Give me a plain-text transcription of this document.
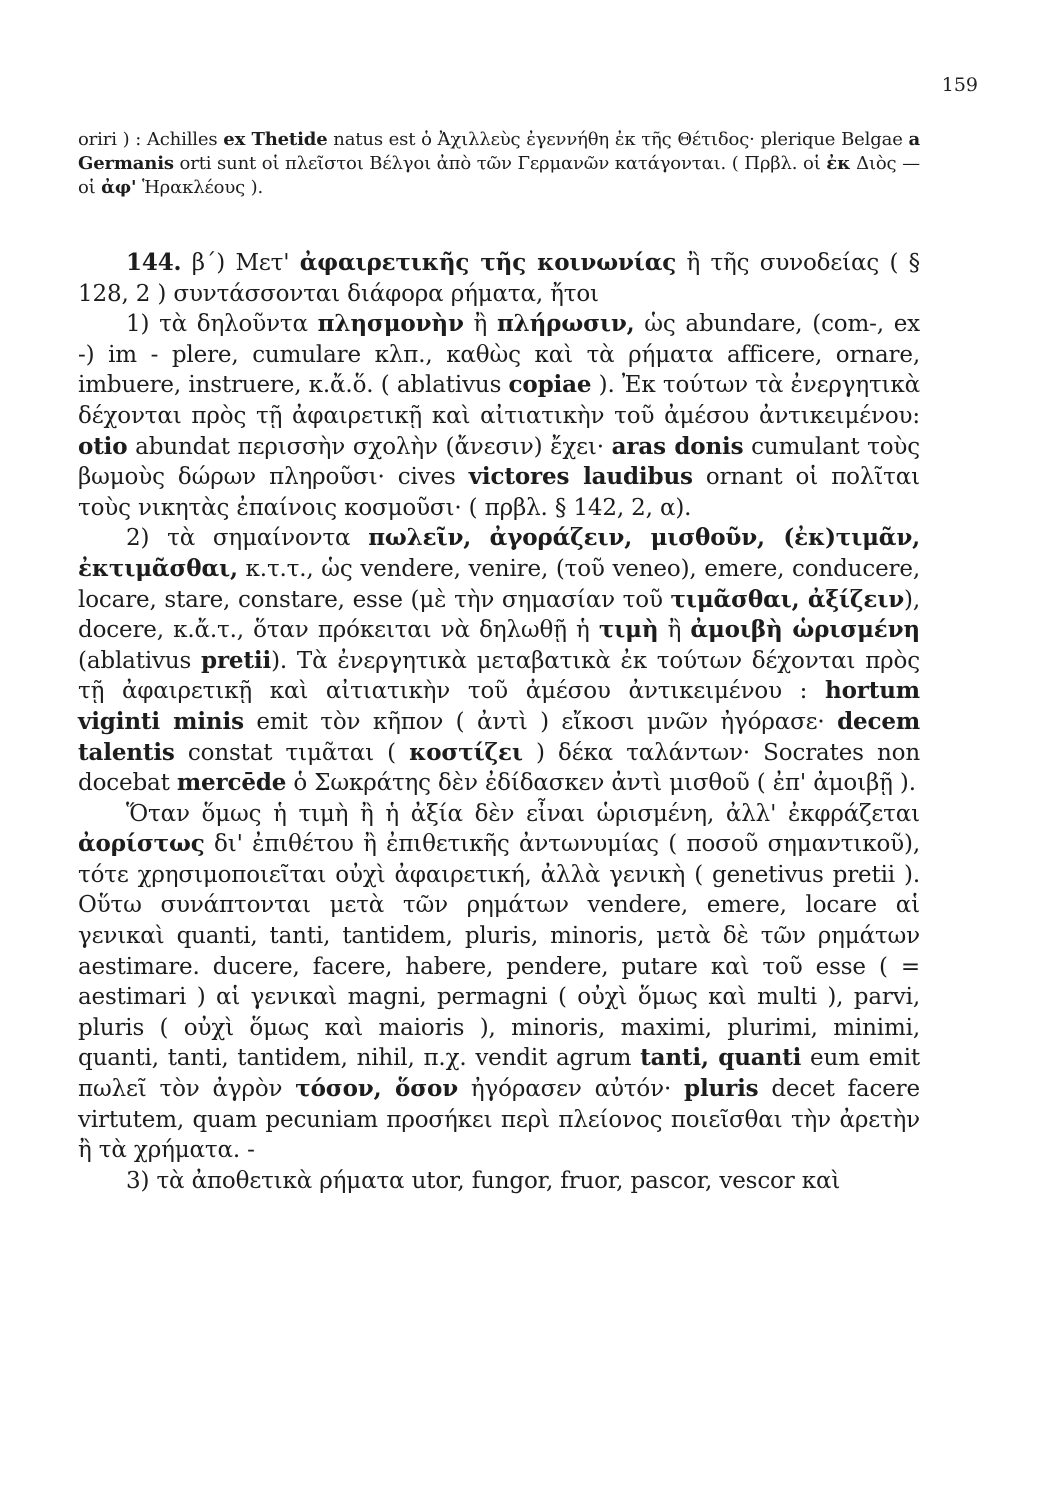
159

oriri ) : Achilles ex Thetide natus est ὁ Ἀχιλλεὺς ἐγεννήθη ἐκ τῆς Θέτιδος· plerique Belgae a Germanis orti sunt οἱ πλεῖστοι Βέλγοι ἀπὸ τῶν Γερμανῶν κατάγονται. ( Πρβλ. οἱ ἐκ Διὸς — οἱ ἀφ' Ἡρακλέους ).

144. β΄) Μετ' ἀφαιρετικῆς τῆς κοινωνίας ἢ τῆς συνοδείας ( § 128, 2 ) συντάσσονται διάφορα ρήματα, ἤτοι

1) τὰ δηλοῦντα πλησμονὴν ἢ πλήρωσιν, ὡς abundare, (com-, ex -) im - plere, cumulare κλπ., καθὼς καὶ τὰ ρήματα afficere, ornare, imbuere, instruere, κ.ἄ.ὅ. ( ablativus copiae ). Ἐκ τούτων τὰ ἐνεργητικὰ δέχονται πρὸς τῇ ἀφαιρετικῇ καὶ αἰτιατικὴν τοῦ ἀμέσου ἀντικειμένου: otio abundat περισσὴν σχολὴν (ἄνεσιν) ἔχει· aras donis cumulant τοὺς βωμοὺς δώρων πληροῦσι· cives victores laudibus ornant οἱ πολῖται τοὺς νικητὰς ἐπαίνοις κοσμοῦσι· ( πρβλ. § 142, 2, α).

2) τὰ σημαίνοντα πωλεῖν, ἀγοράζειν, μισθοῦν, (ἐκ)τιμᾶν, ἐκτιμᾶσθαι, κ.τ.τ., ὡς vendere, venire, (τοῦ veneo), emere, conducere, locare, stare, constare, esse (μὲ τὴν σημασίαν τοῦ τιμᾶσθαι, ἀξίζειν), docere, κ.ἄ.τ., ὅταν πρόκειται νὰ δηλωθῇ ἡ τιμὴ ἢ ἀμοιβὴ ὡρισμένη (ablativus pretii). Τὰ ἐνεργητικὰ μεταβατικὰ ἐκ τούτων δέχονται πρὸς τῇ ἀφαιρετικῇ καὶ αἰτιατικὴν τοῦ ἀμέσου ἀντικειμένου : hortum viginti minis emit τὸν κῆπον ( ἀντὶ ) εἴκοσι μνῶν ἠγόρασε· decem talentis constat τιμᾶται ( κοστίζει ) δέκα ταλάντων· Socrates non docebat mercēde ὁ Σωκράτης δὲν ἐδίδασκεν ἀντὶ μισθοῦ ( ἐπ' ἀμοιβῇ ).

Ὅταν ὅμως ἡ τιμὴ ἢ ἡ ἀξία δὲν εἶναι ὡρισμένη, ἀλλ' ἐκφράζεται ἀορίστως δι' ἐπιθέτου ἢ ἐπιθετικῆς ἀντωνυμίας ( ποσοῦ σημαντικοῦ), τότε χρησιμοποιεῖται οὐχὶ ἀφαιρετική, ἀλλὰ γενικὴ ( genetivus pretii ). Οὕτω συνάπτονται μετὰ τῶν ρημάτων vendere, emere, locare αἱ γενικαὶ quanti, tanti, tantidem, pluris, minoris, μετὰ δὲ τῶν ρημάτων aestimare. ducere, facere, habere, pendere, putare καὶ τοῦ esse ( = aestimari ) αἱ γενικαὶ magni, permagni ( οὐχὶ ὅμως καὶ multi ), parvi, pluris ( οὐχὶ ὅμως καὶ maioris ), minoris, maximi, plurimi, minimi, quanti, tanti, tantidem, nihil, π.χ. vendit agrum tanti, quanti eum emit πωλεῖ τὸν ἀγρὸν τόσον, ὅσον ἠγόρασεν αὐτόν· pluris decet facere virtutem, quam pecuniam προσήκει περὶ πλείονος ποιεῖσθαι τὴν ἀρετὴν ἢ τὰ χρήματα. -

3) τὰ ἀποθετικὰ ρήματα utor, fungor, fruor, pascor, vescor καὶ
